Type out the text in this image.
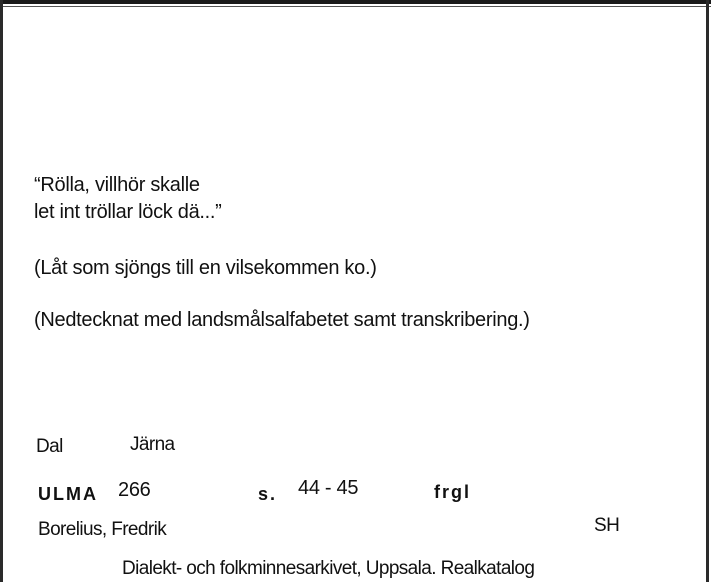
“Rölla, villhör skalle
let int tröllar löck dä...”
(Låt som sjöngs till en vilsekommen ko.)
(Nedtecknat med landsmålsalfabetet samt transkribering.)
Dal	Järna
ULMA 266	s. 44 - 45	frgl
Borelius, Fredrik	SH
Dialekt- och folkminnesarkivet, Uppsala. Realkatalog
